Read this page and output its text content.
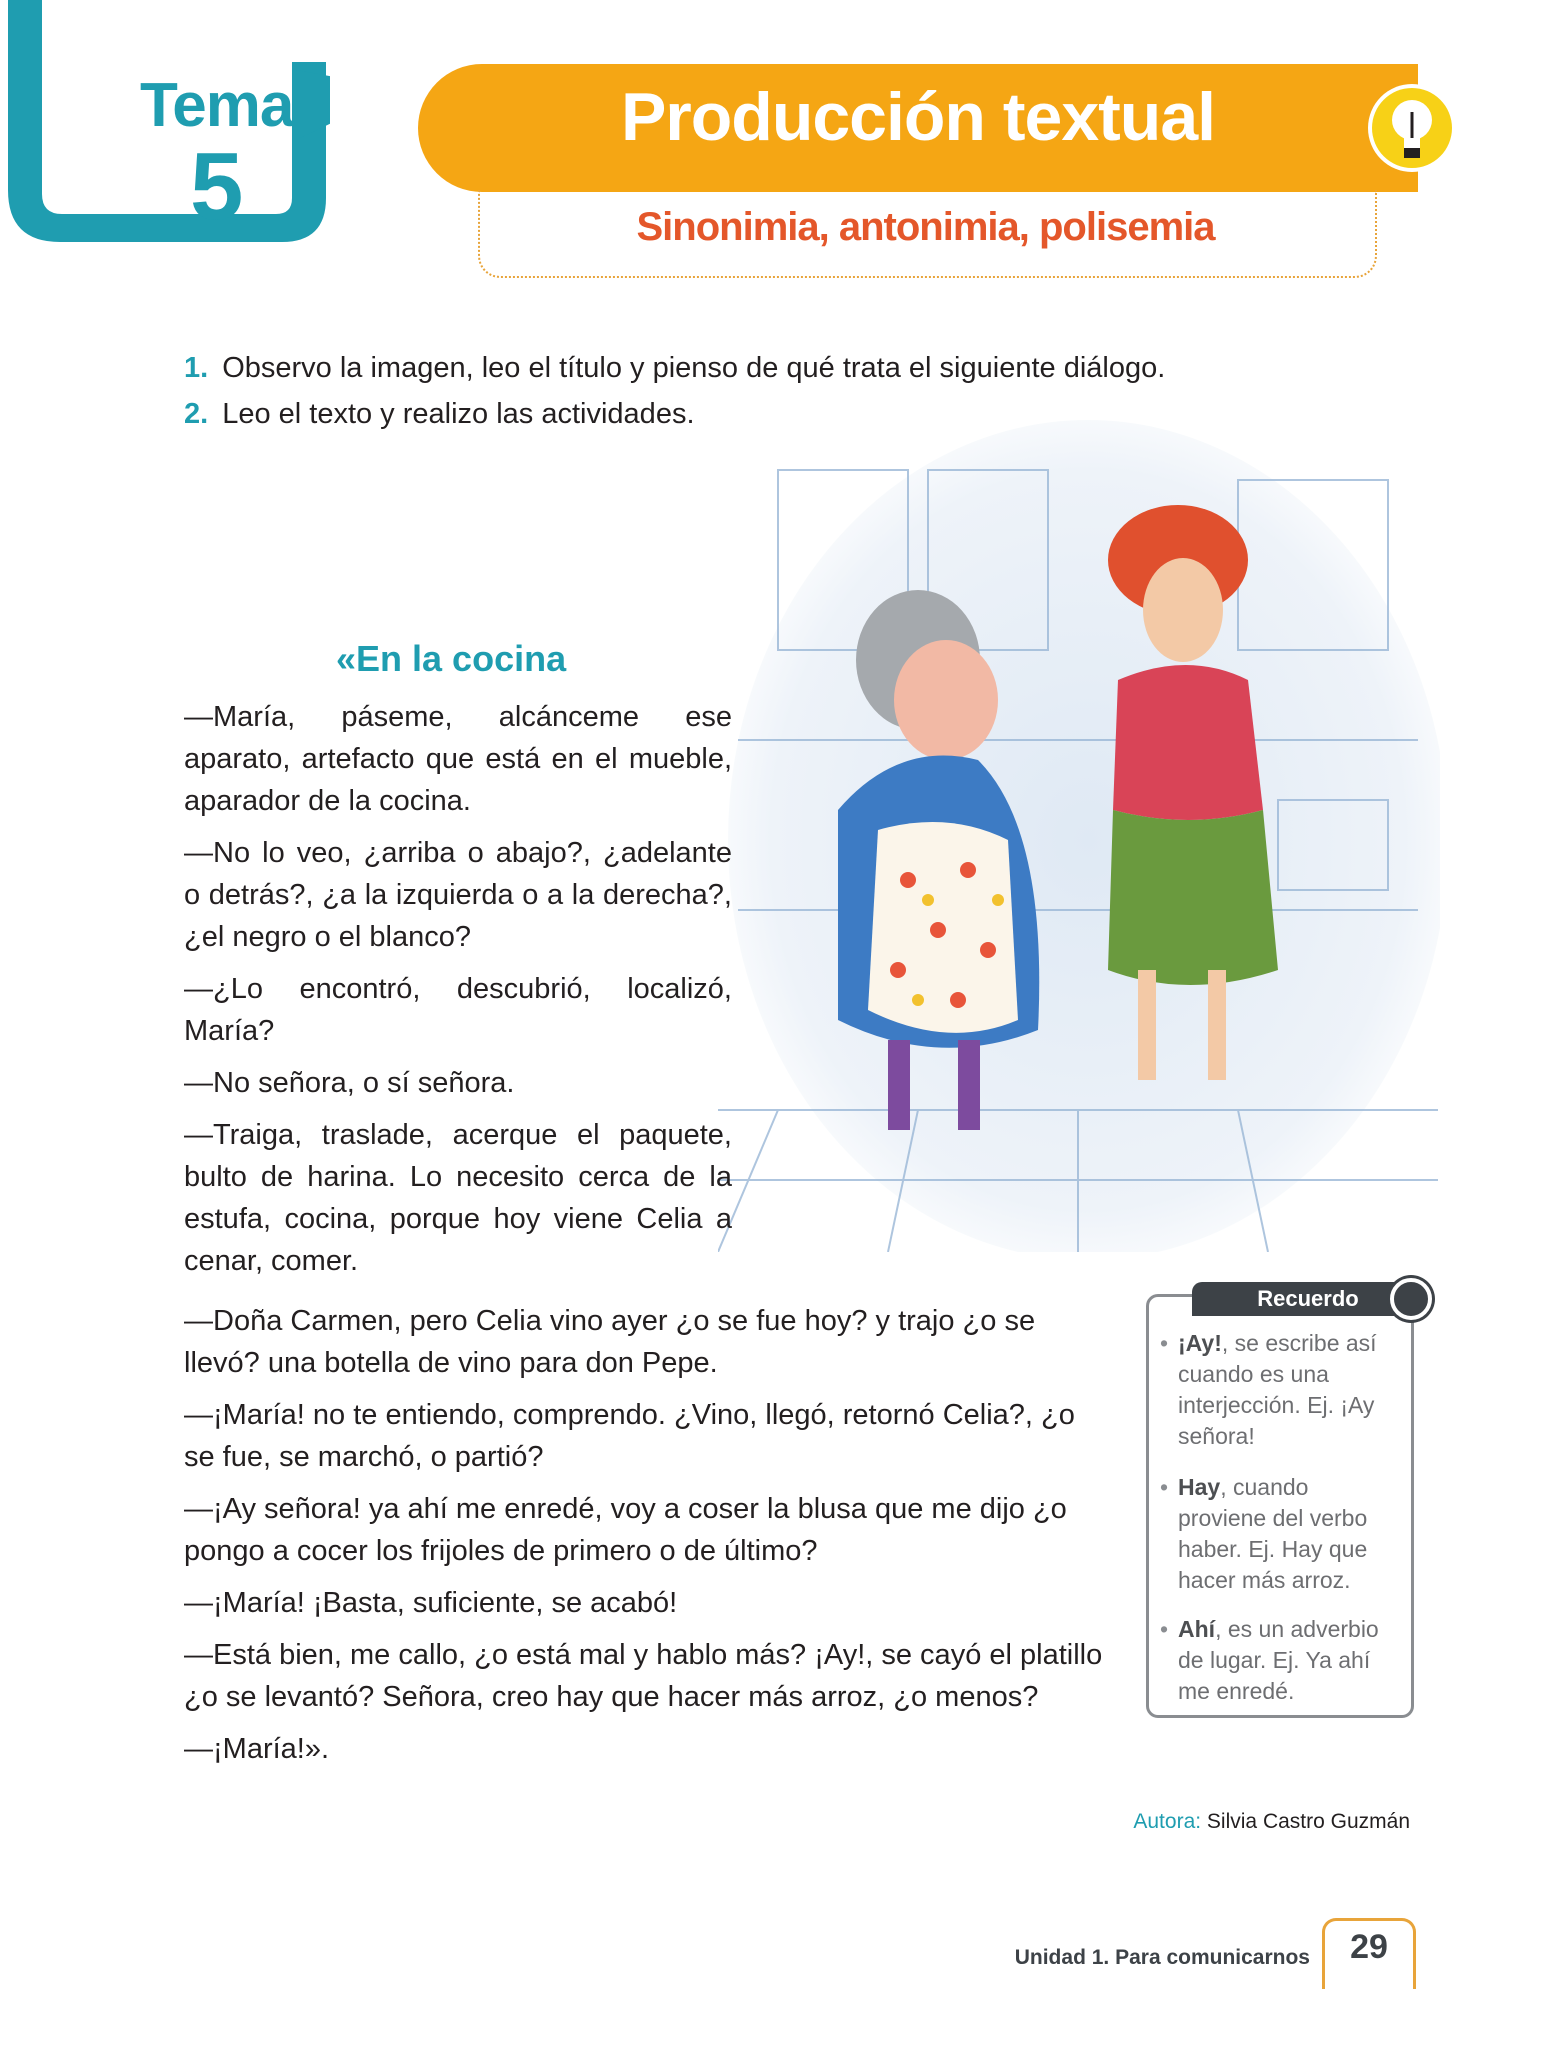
Tema
5
Producción textual
Sinonimia, antonimia, polisemia
1. Observo la imagen, leo el título y pienso de qué trata el siguiente diálogo.
2. Leo el texto y realizo las actividades.
«En la cocina

—María, páseme, alcánceme ese aparato, artefacto que está en el mueble, aparador de la cocina.

—No lo veo, ¿arriba o abajo?, ¿adelante o detrás?, ¿a la izquierda o a la derecha?, ¿el negro o el blanco?

—¿Lo encontró, descubrió, localizó, María?

—No señora, o sí señora.

—Traiga, traslade, acerque el paquete, bulto de harina. Lo necesito cerca de la estufa, cocina, porque hoy viene Celia a cenar, comer.

—Doña Carmen, pero Celia vino ayer ¿o se fue hoy? y trajo ¿o se llevó? una botella de vino para don Pepe.

—¡María! no te entiendo, comprendo. ¿Vino, llegó, retornó Celia?, ¿o se fue, se marchó, o partió?

—¡Ay señora! ya ahí me enredé, voy a coser la blusa que me dijo ¿o pongo a cocer los frijoles de primero o de último?

—¡María! ¡Basta, suficiente, se acabó!

—Está bien, me callo, ¿o está mal y hablo más? ¡Ay!, se cayó el platillo ¿o se levantó? Señora, creo hay que hacer más arroz, ¿o menos?

—¡María!».

Recuerdo
• ¡Ay!, se escribe así cuando es una interjección. Ej. ¡Ay señora!
• Hay, cuando proviene del verbo haber. Ej. Hay que hacer más arroz.
• Ahí, es un adverbio de lugar. Ej. Ya ahí me enredé.
Autora: Silvia Castro Guzmán
Unidad 1. Para comunicarnos	29
